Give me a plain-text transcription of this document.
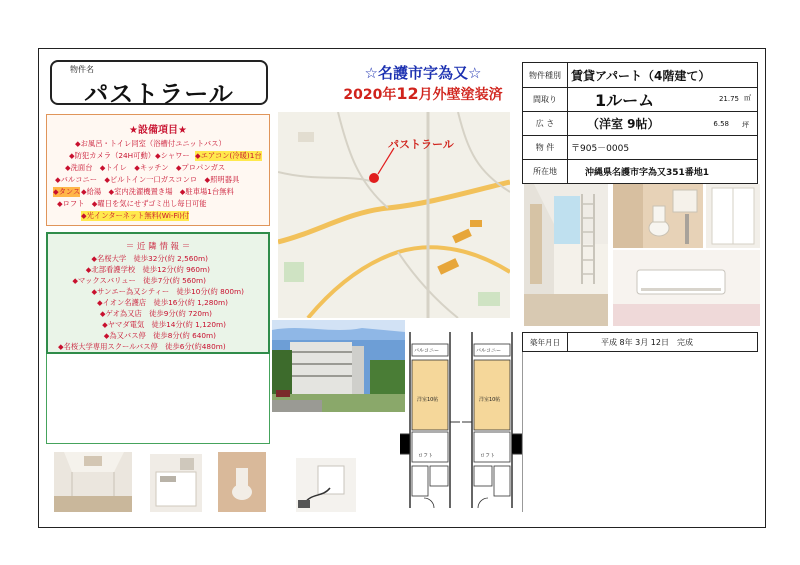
物件名
パストラール
☆名護市字為又☆
2020年12月外壁塗装済
★設備項目★
◆お風呂・トイレ同室（浴槽付ユニットバス）
◆防犯カメラ（24H可動）◆シャワー ◆エアコン(冷暖)1台
◆洗面台　◆トイレ　◆キッチン　◆プロパンガス
◆バルコニー　◆ビルトイン一口ガスコンロ　◆照明器具
◆タンス ◆給湯　◆室内洗濯機置き場　◆駐車場1台無料
◆ロフト　◆曜日を気にせずゴミ出し毎日可能
◆光インターネット無料(Wi-Fi)付
＝ 近 隣 情 報 ＝
◆名桜大学　徒歩32分(約 2,560m)
◆北部看護学校　徒歩12分(約 960m)
◆マックスバリュー　徒歩7分(約 560m)
◆サンエー為又シティー　徒歩10分(約 800m)
◆イオン名護店　徒歩16分(約 1,280m)
◆ゲオ為又店　徒歩9分(約 720m)
◆ヤマダ電気　徒歩14分(約 1,120m)
◆為又バス停　徒歩8分(約 640m)
◆名桜大学専用スクールバス停　徒歩6分(約480m)
パストラール
バルコニー
洋室10帖
ロフト
バルコニー
洋室10帖
ロフト
物件種別 賃貸アパート（4階建て）
間取り	1ルーム	21.75 ㎡
広 さ	（洋室 9帖）	6.58 坪
物 件	〒905－0005
所在地	沖縄県名護市字為又351番地1
築年月日	平成 8年 3月 12日　完成
